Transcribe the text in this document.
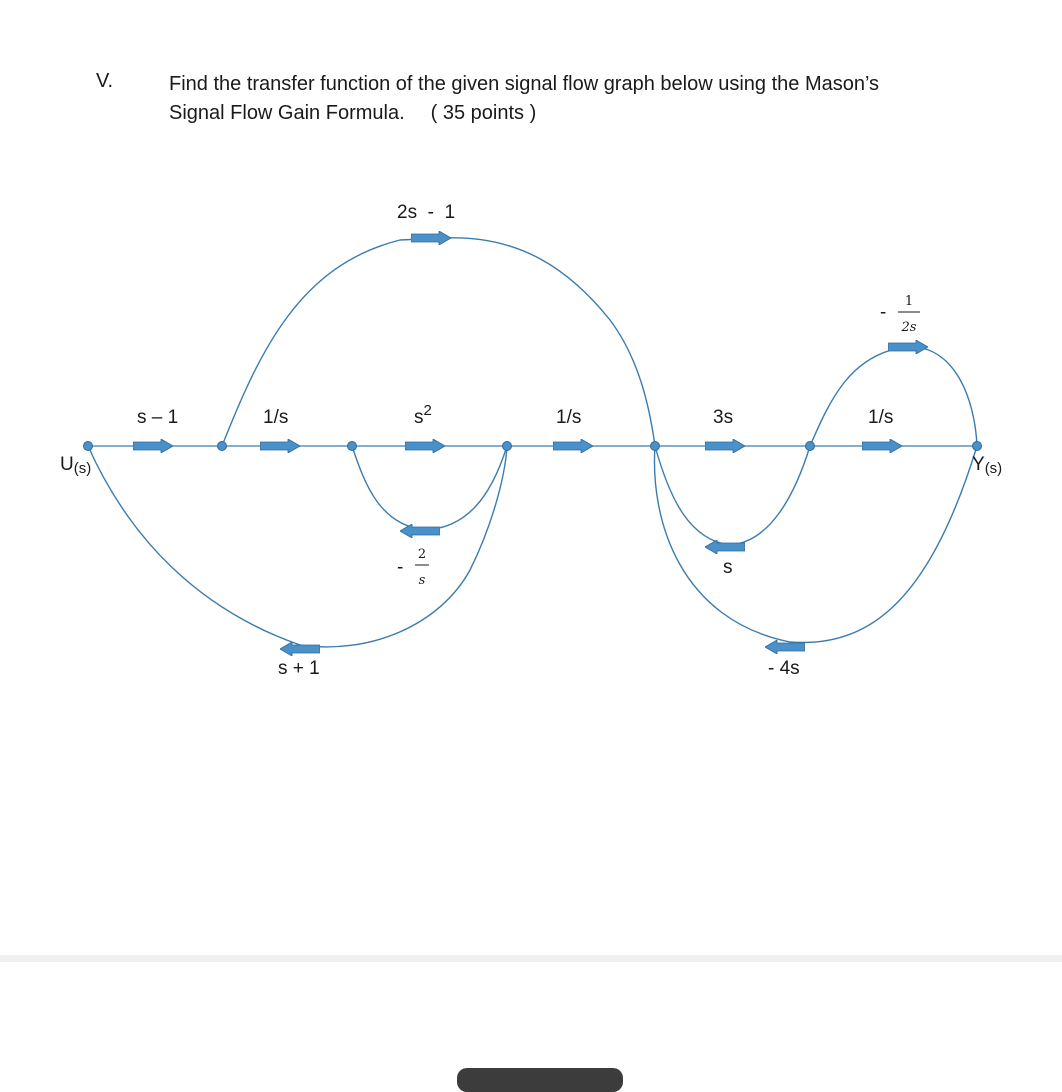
V.	Find the transfer function of the given signal flow graph below using the Mason’s
Signal Flow Gain Formula. ( 35 points )
U(s)	Y(s)
s – 1	1/s	$s^2$	1/s	3s	1/s
2s  -  1
-
1
2s
-
2
s
s
s + 1	- 4s
